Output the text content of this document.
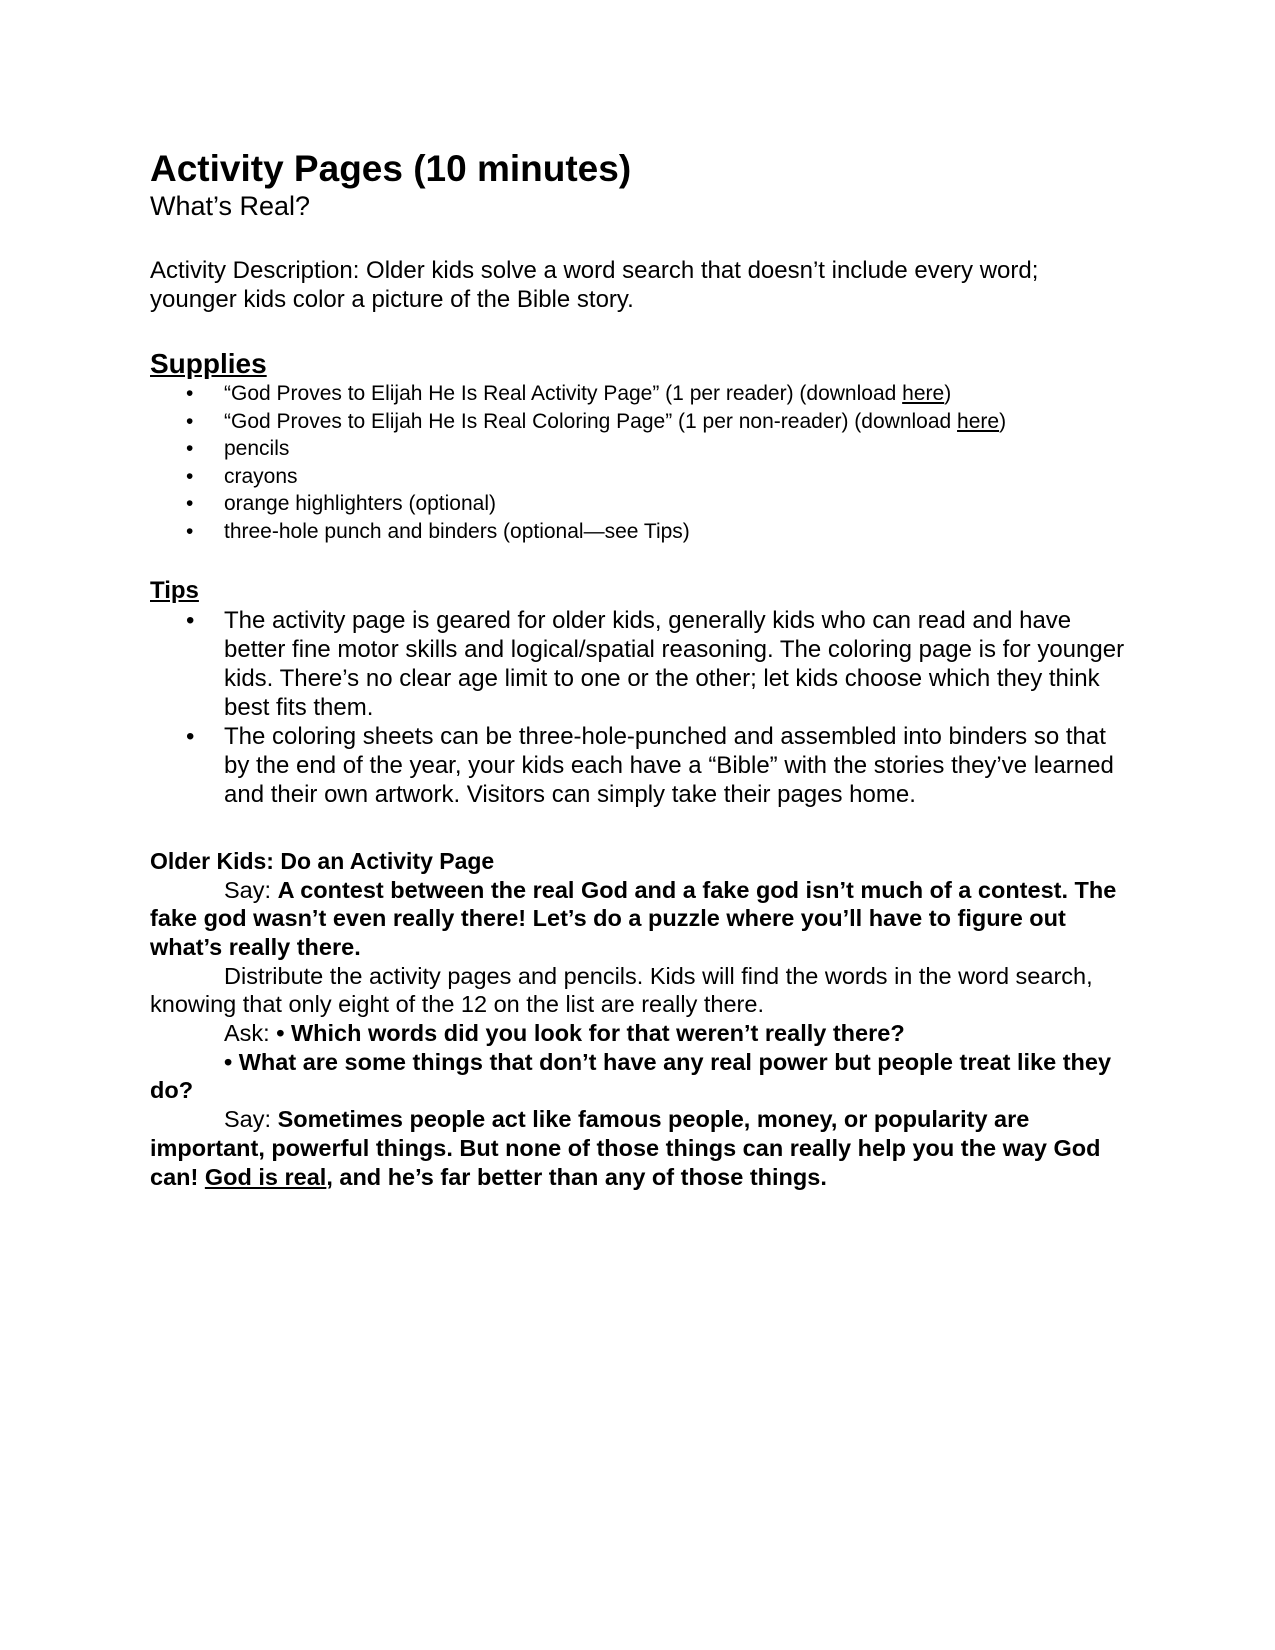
Activity Pages (10 minutes)
What’s Real?

Activity Description: Older kids solve a word search that doesn’t include every word; younger kids color a picture of the Bible story.

Supplies
• “God Proves to Elijah He Is Real Activity Page” (1 per reader) (download here)
• “God Proves to Elijah He Is Real Coloring Page” (1 per non-reader) (download here)
• pencils
• crayons
• orange highlighters (optional)
• three-hole punch and binders (optional—see Tips)
Tips
• The activity page is geared for older kids, generally kids who can read and have better fine motor skills and logical/spatial reasoning. The coloring page is for younger kids. There’s no clear age limit to one or the other; let kids choose which they think best fits them.
• The coloring sheets can be three-hole-punched and assembled into binders so that by the end of the year, your kids each have a “Bible” with the stories they’ve learned and their own artwork. Visitors can simply take their pages home.
Older Kids: Do an Activity Page

Say: A contest between the real God and a fake god isn’t much of a contest. The fake god wasn’t even really there! Let’s do a puzzle where you’ll have to figure out what’s really there.

Distribute the activity pages and pencils. Kids will find the words in the word search, knowing that only eight of the 12 on the list are really there.

Ask: • Which words did you look for that weren’t really there?

• What are some things that don’t have any real power but people treat like they do?

Say: Sometimes people act like famous people, money, or popularity are important, powerful things. But none of those things can really help you the way God can! God is real, and he’s far better than any of those things.
